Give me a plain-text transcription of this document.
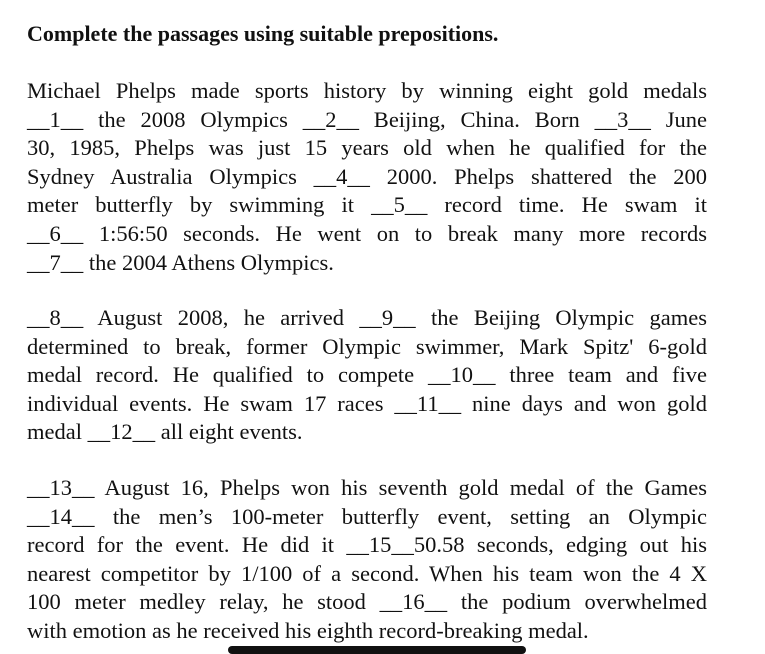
Complete the passages using suitable prepositions.
Michael Phelps made sports history by winning eight gold medals
__1__ the 2008 Olympics __2__ Beijing, China. Born __3__ June
30, 1985, Phelps was just 15 years old when he qualified for the
Sydney Australia Olympics __4__ 2000. Phelps shattered the 200
meter butterfly by swimming it __5__ record time. He swam it
__6__ 1:56:50 seconds. He went on to break many more records
__7__ the 2004 Athens Olympics.
__8__ August 2008, he arrived __9__ the Beijing Olympic games
determined to break, former Olympic swimmer, Mark Spitz' 6-gold
medal record. He qualified to compete __10__ three team and five
individual events. He swam 17 races __11__ nine days and won gold
medal __12__ all eight events.
__13__ August 16, Phelps won his seventh gold medal of the Games
__14__ the men’s 100-meter butterfly event, setting an Olympic
record for the event. He did it __15__50.58 seconds, edging out his
nearest competitor by 1/100 of a second. When his team won the 4 X
100 meter medley relay, he stood __16__ the podium overwhelmed
with emotion as he received his eighth record-breaking medal.
